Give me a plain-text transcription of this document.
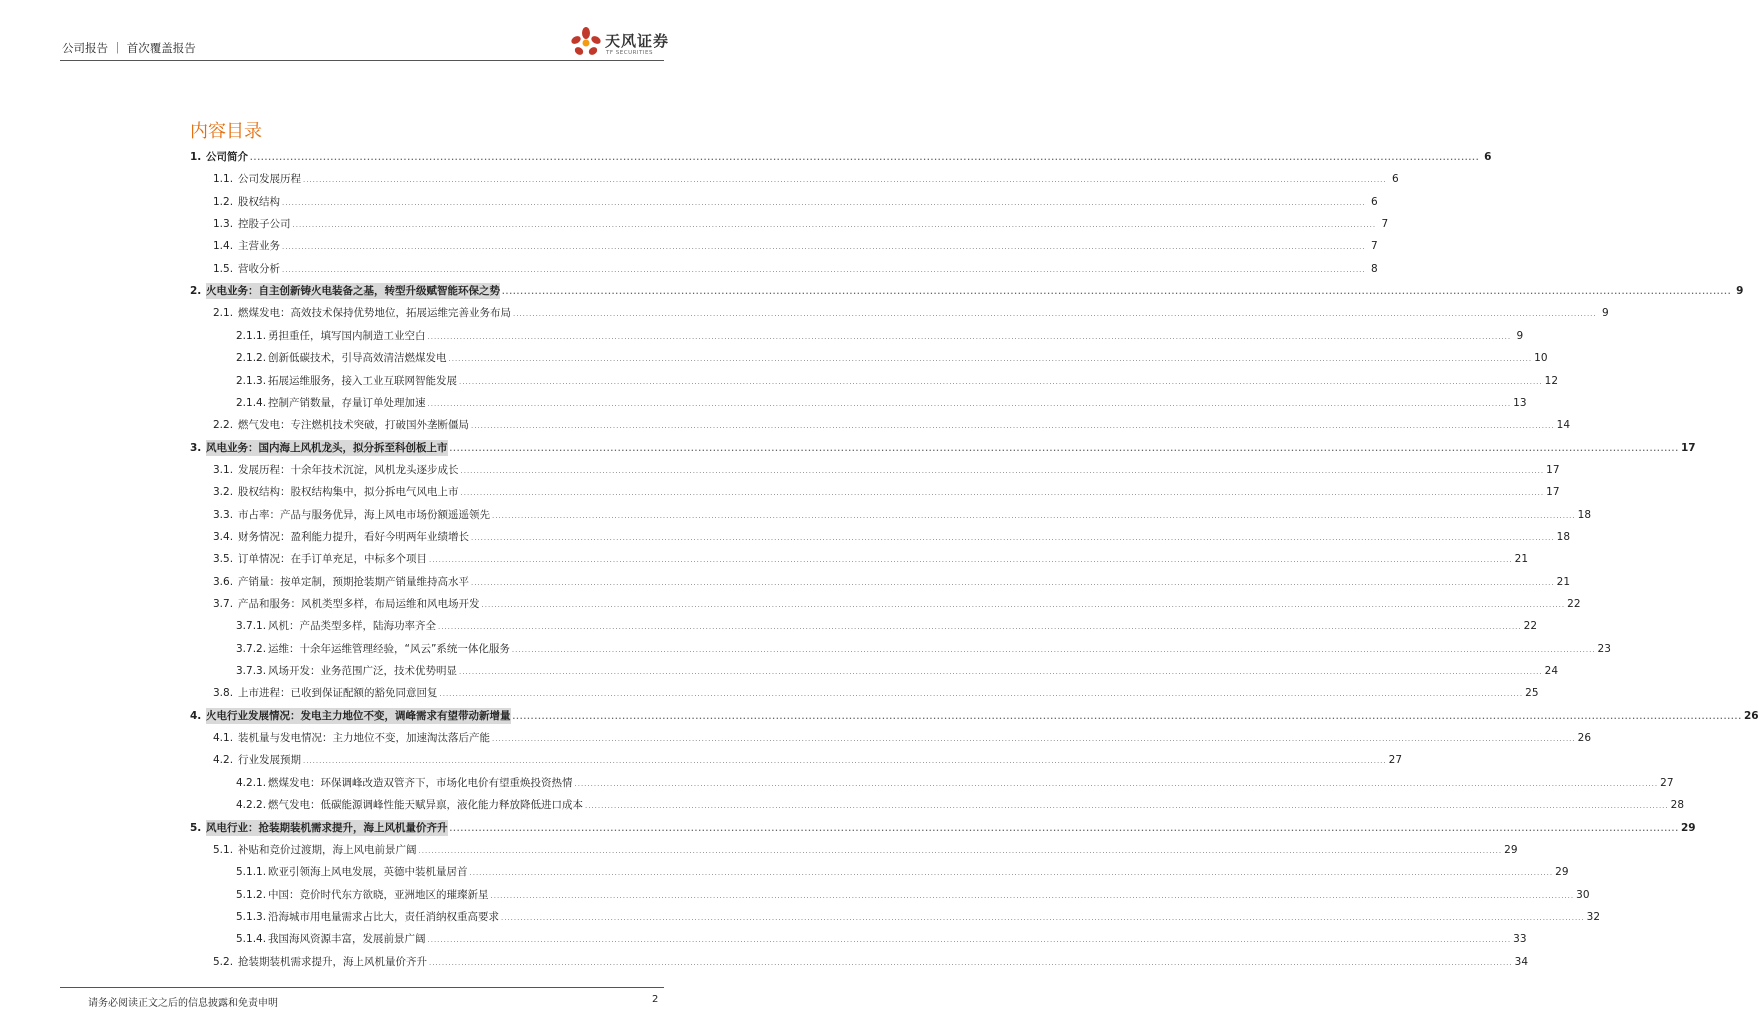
公司报告 ｜ 首次覆盖报告	天风证券
TF SECURITIES
内容目录
1. 公司简介 .....	6
1.1. 公司发展历程 .....	6
1.2. 股权结构 .....	6
1.3. 控股子公司 .....	7
1.4. 主营业务 .....	7
1.5. 营收分析 .....	8
2. 火电业务：自主创新铸火电装备之基，转型升级赋智能环保之势 .....	9
2.1. 燃煤发电：高效技术保持优势地位，拓展运维完善业务布局 .....	9
2.1.1. 勇担重任，填写国内制造工业空白 .....	9
2.1.2. 创新低碳技术，引导高效清洁燃煤发电 .....	10
2.1.3. 拓展运维服务，接入工业互联网智能发展 .....	12
2.1.4. 控制产销数量，存量订单处理加速 .....	13
2.2. 燃气发电：专注燃机技术突破，打破国外垄断僵局 .....	14
3. 风电业务：国内海上风机龙头，拟分拆至科创板上市 .....	17
3.1. 发展历程：十余年技术沉淀，风机龙头逐步成长 .....	17
3.2. 股权结构：股权结构集中，拟分拆电气风电上市 .....	17
3.3. 市占率：产品与服务优异，海上风电市场份额遥遥领先 .....	18
3.4. 财务情况：盈利能力提升，看好今明两年业绩增长 .....	18
3.5. 订单情况：在手订单充足，中标多个项目 .....	21
3.6. 产销量：按单定制，预期抢装期产销量维持高水平 .....	21
3.7. 产品和服务：风机类型多样，布局运维和风电场开发 .....	22
3.7.1. 风机：产品类型多样，陆海功率齐全 .....	22
3.7.2. 运维：十余年运维管理经验，“风云”系统一体化服务 .....	23
3.7.3. 风场开发：业务范围广泛，技术优势明显 .....	24
3.8. 上市进程：已收到保证配额的豁免同意回复 .....	25
4. 火电行业发展情况：发电主力地位不变，调峰需求有望带动新增量 .....	26
4.1. 装机量与发电情况：主力地位不变，加速淘汰落后产能 .....	26
4.2. 行业发展预期 .....	27
4.2.1. 燃煤发电：环保调峰改造双管齐下，市场化电价有望重焕投资热情 .....	27
4.2.2. 燃气发电：低碳能源调峰性能天赋异禀，液化能力释放降低进口成本 .....	28
5. 风电行业：抢装期装机需求提升，海上风机量价齐升 .....	29
5.1. 补贴和竞价过渡期，海上风电前景广阔 .....	29
5.1.1. 欧亚引领海上风电发展，英德中装机量居首 .....	29
5.1.2. 中国：竞价时代东方欲晓，亚洲地区的璀璨新星 .....	30
5.1.3. 沿海城市用电量需求占比大，责任消纳权重高要求 .....	32
5.1.4. 我国海风资源丰富，发展前景广阔 .....	33
5.2. 抢装期装机需求提升，海上风机量价齐升 .....	34
请务必阅读正文之后的信息披露和免责申明	2
